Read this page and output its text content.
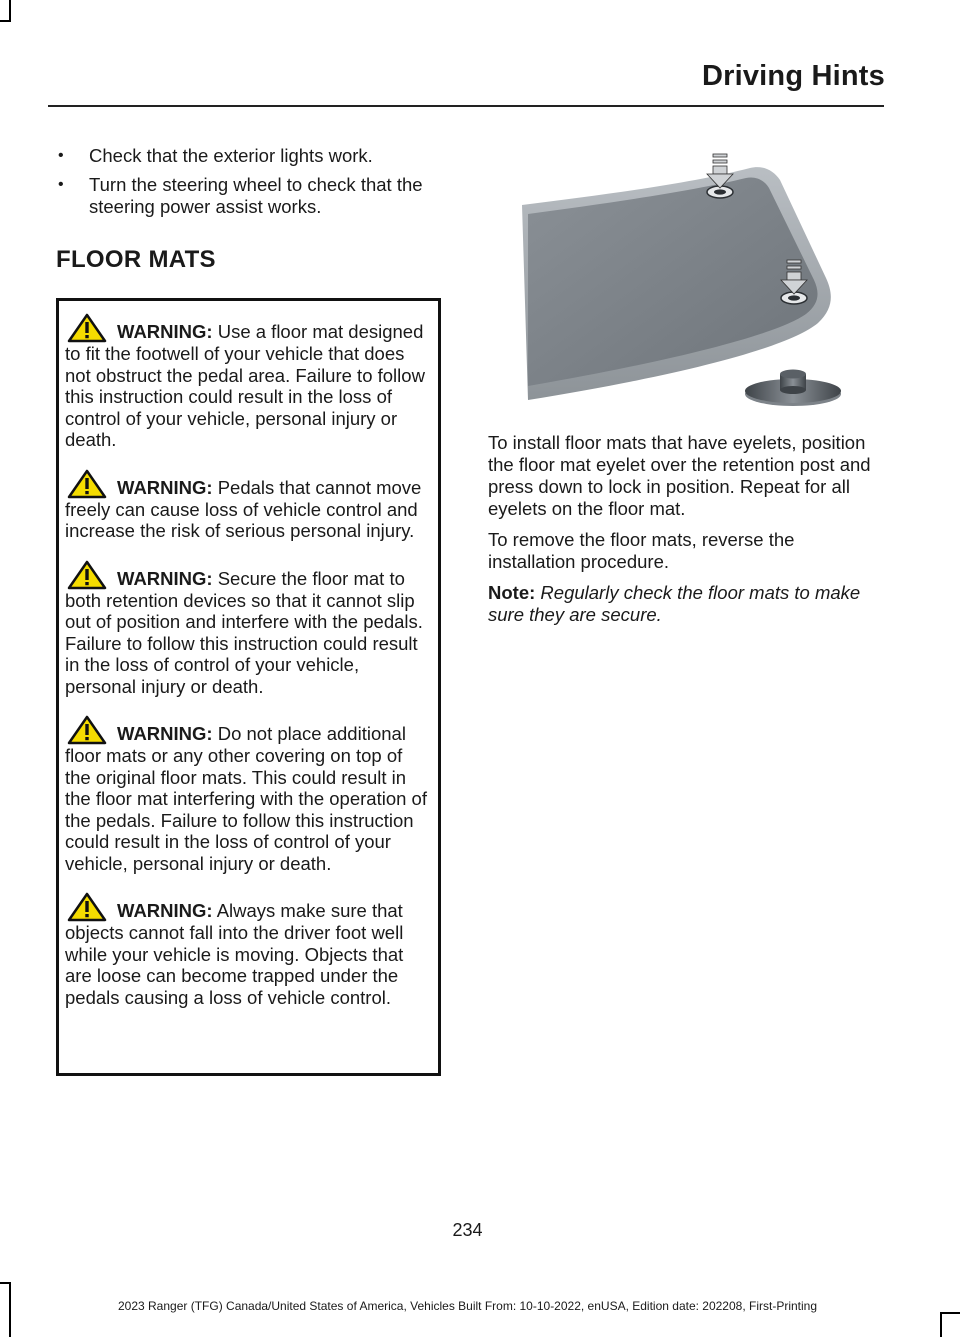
Driving Hints
• Check that the exterior lights work.
• Turn the steering wheel to check that the steering power assist works.
FLOOR MATS
WARNING: Use a floor mat designed to fit the footwell of your vehicle that does not obstruct the pedal area. Failure to follow this instruction could result in the loss of control of your vehicle, personal injury or death.
WARNING: Pedals that cannot move freely can cause loss of vehicle control and increase the risk of serious personal injury.
WARNING: Secure the floor mat to both retention devices so that it cannot slip out of position and interfere with the pedals. Failure to follow this instruction could result in the loss of control of your vehicle, personal injury or death.
WARNING: Do not place additional floor mats or any other covering on top of the original floor mats. This could result in the floor mat interfering with the operation of the pedals. Failure to follow this instruction could result in the loss of control of your vehicle, personal injury or death.
WARNING: Always make sure that objects cannot fall into the driver foot well while your vehicle is moving. Objects that are loose can become trapped under the pedals causing a loss of vehicle control.

To install floor mats that have eyelets, position the floor mat eyelet over the retention post and press down to lock in position. Repeat for all eyelets on the floor mat.

To remove the floor mats, reverse the installation procedure.

Note: Regularly check the floor mats to make sure they are secure.

234
2023 Ranger (TFG) Canada/United States of America, Vehicles Built From: 10-10-2022, enUSA, Edition date: 202208, First-Printing
